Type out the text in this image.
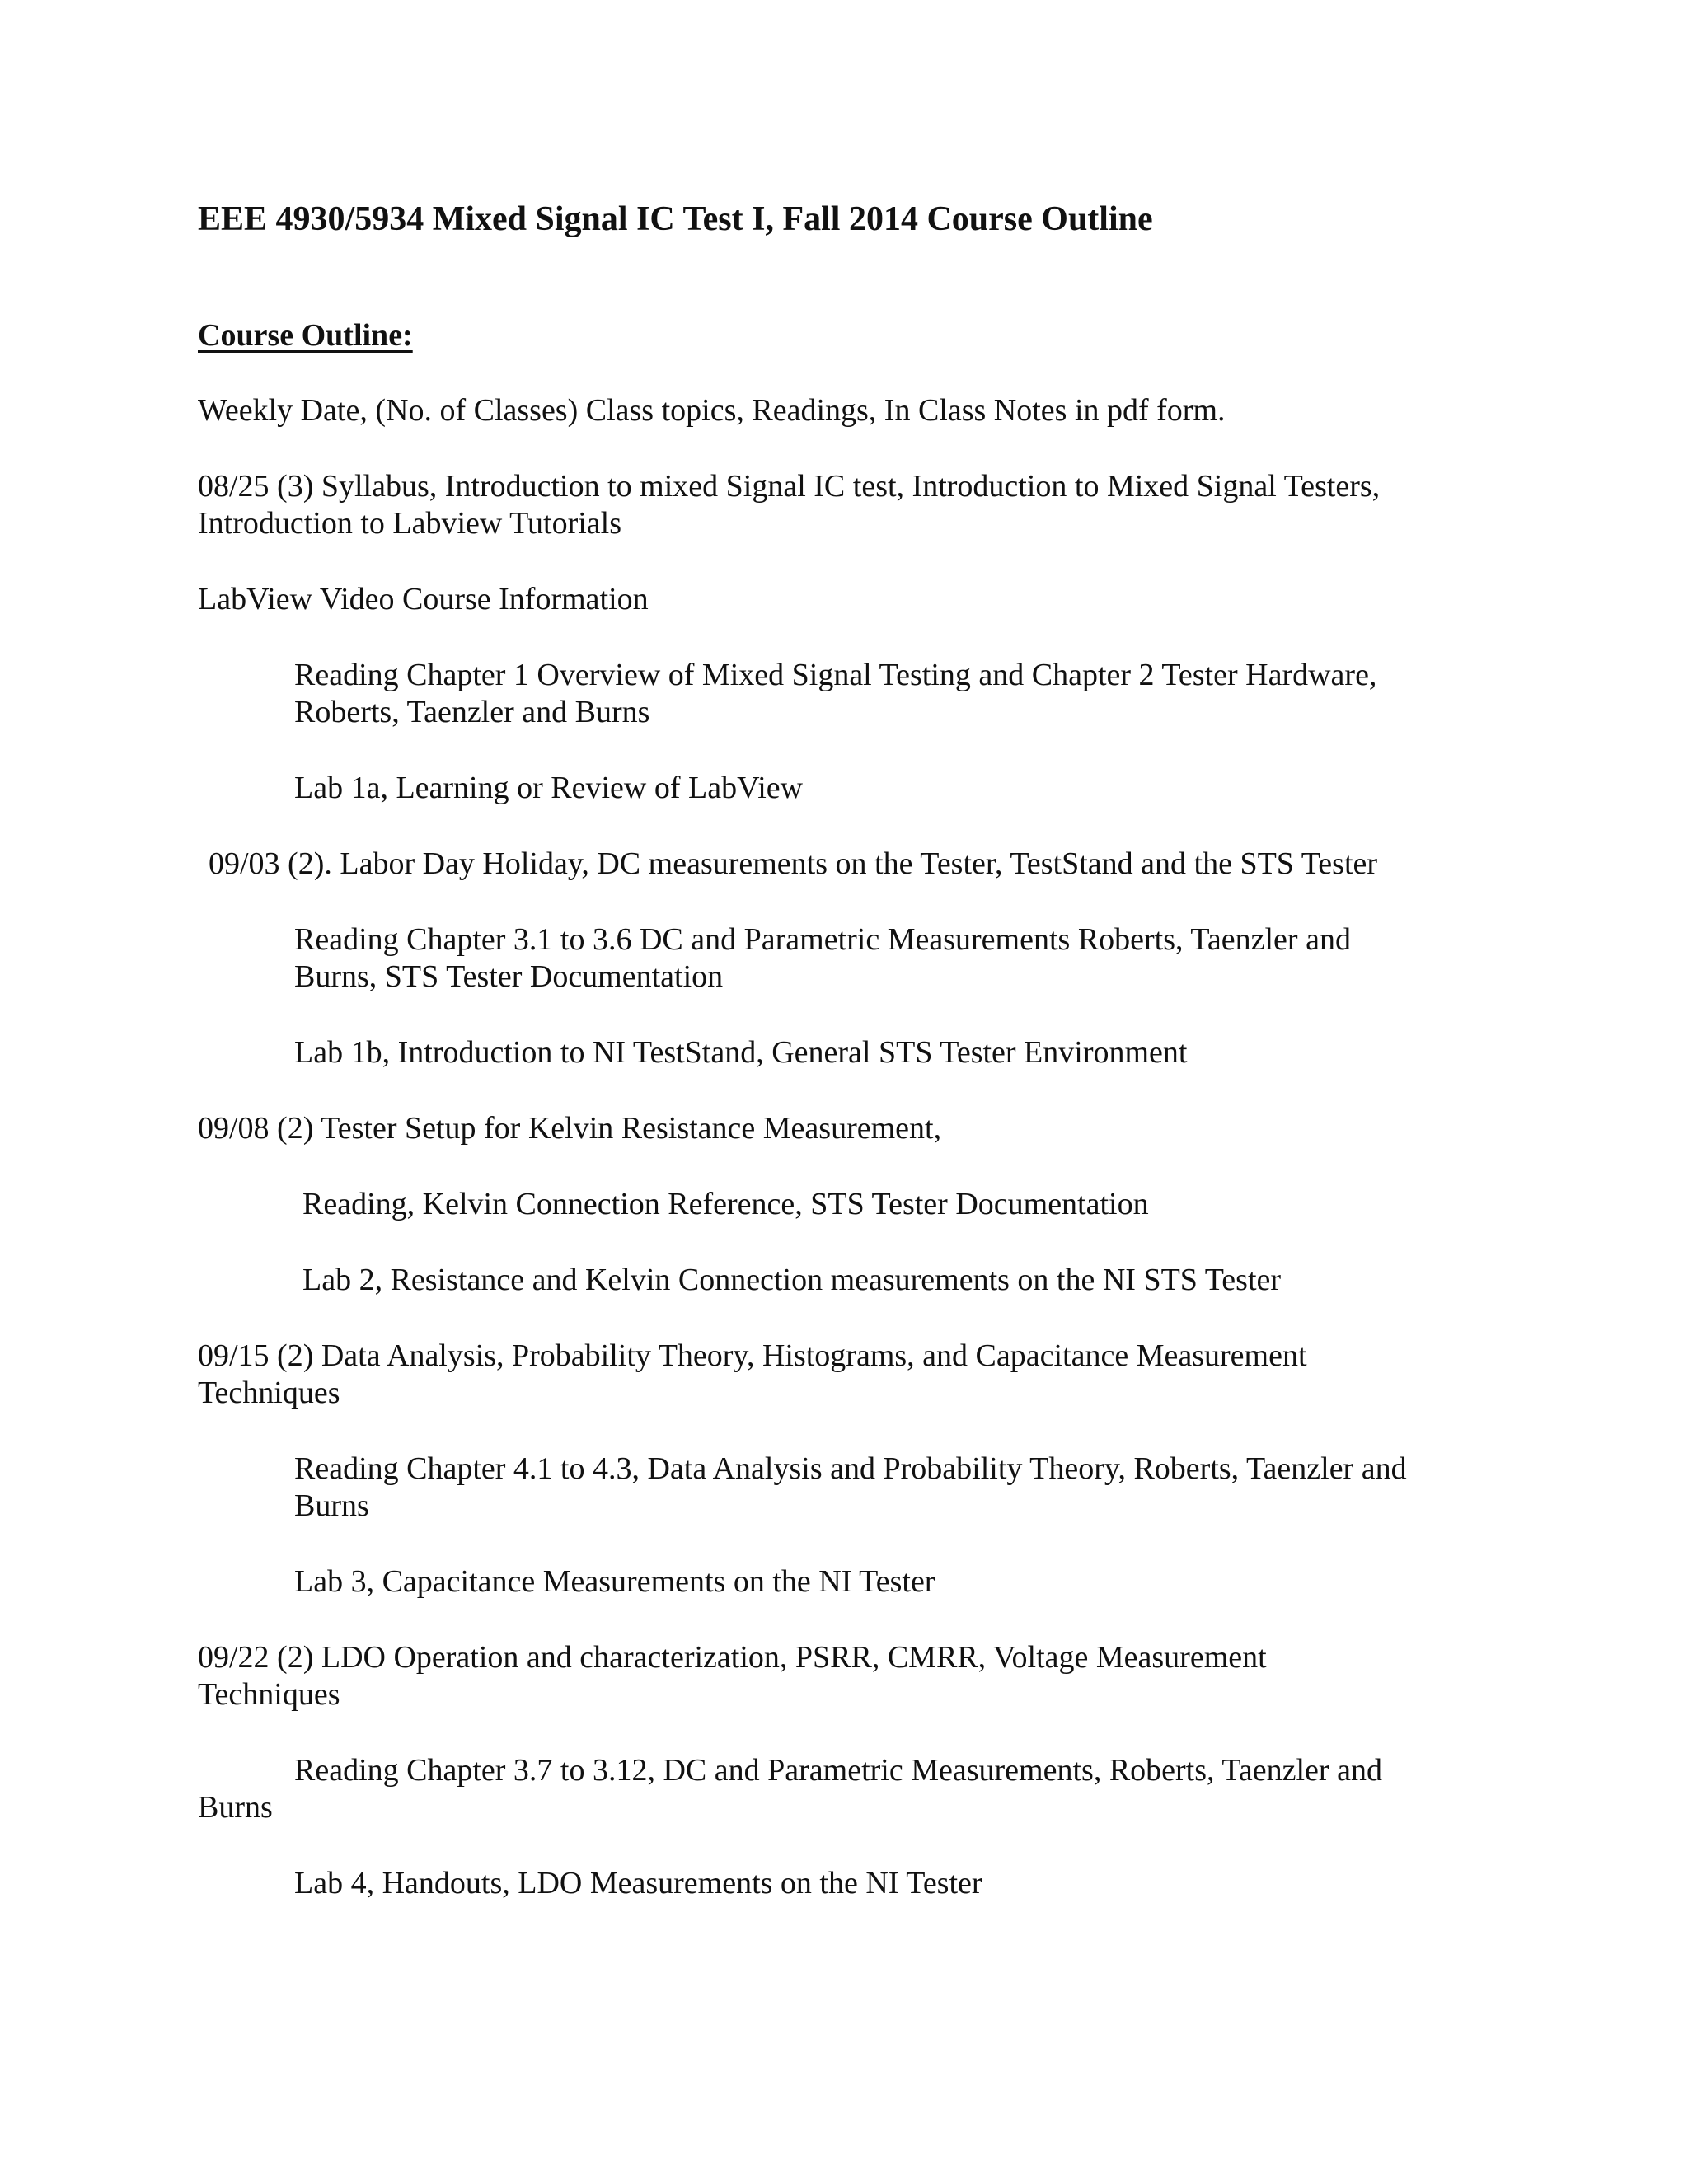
EEE 4930/5934 Mixed Signal IC Test I, Fall 2014 Course Outline

Course Outline:

Weekly Date, (No. of Classes) Class topics, Readings, In Class Notes in pdf form.

08/25 (3) Syllabus, Introduction to mixed Signal IC test, Introduction to Mixed Signal Testers,

Introduction to Labview Tutorials

LabView Video Course Information

Reading Chapter 1 Overview of Mixed Signal Testing and Chapter 2 Tester Hardware,

Roberts, Taenzler and Burns

Lab 1a, Learning or Review of LabView

09/03 (2). Labor Day Holiday, DC measurements on the Tester, TestStand and the STS Tester

Reading Chapter 3.1 to 3.6 DC and Parametric Measurements Roberts, Taenzler and

Burns, STS Tester Documentation

Lab 1b, Introduction to NI TestStand, General STS Tester Environment

09/08 (2) Tester Setup for Kelvin Resistance Measurement,

Reading, Kelvin Connection Reference, STS Tester Documentation

Lab 2, Resistance and Kelvin Connection measurements on the NI STS Tester

09/15 (2) Data Analysis, Probability Theory, Histograms, and Capacitance Measurement

Techniques

Reading Chapter 4.1 to 4.3, Data Analysis and Probability Theory, Roberts, Taenzler and

Burns

Lab 3, Capacitance Measurements on the NI Tester

09/22 (2) LDO Operation and characterization, PSRR, CMRR, Voltage Measurement

Techniques

Reading Chapter 3.7 to 3.12, DC and Parametric Measurements, Roberts, Taenzler and

Burns

Lab 4, Handouts, LDO Measurements on the NI Tester
